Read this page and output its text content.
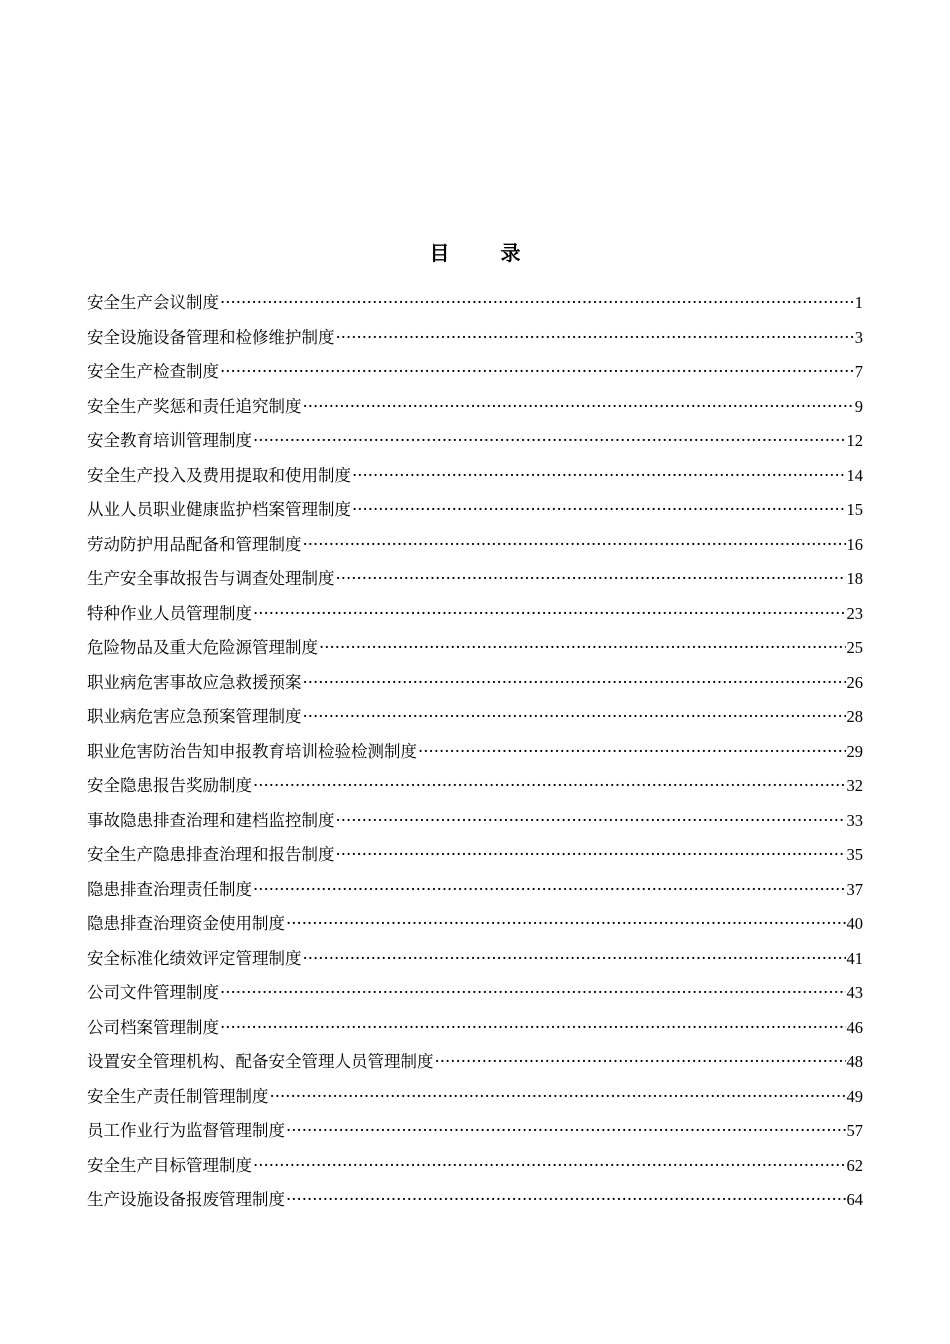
目 录
安全生产会议制度 ·····	1
安全设施设备管理和检修维护制度 ·····	3
安全生产检查制度 ·····	7
安全生产奖惩和责任追究制度 ·····	9
安全教育培训管理制度 ·····	12
安全生产投入及费用提取和使用制度 ·····	14
从业人员职业健康监护档案管理制度 ·····	15
劳动防护用品配备和管理制度 ·····	16
生产安全事故报告与调查处理制度 ·····	18
特种作业人员管理制度 ·····	23
危险物品及重大危险源管理制度 ·····	25
职业病危害事故应急救援预案 ·····	26
职业病危害应急预案管理制度 ·····	28
职业危害防治告知申报教育培训检验检测制度 ·····	29
安全隐患报告奖励制度 ·····	32
事故隐患排查治理和建档监控制度 ·····	33
安全生产隐患排查治理和报告制度 ·····	35
隐患排查治理责任制度 ·····	37
隐患排查治理资金使用制度 ·····	40
安全标准化绩效评定管理制度 ·····	41
公司文件管理制度 ·····	43
公司档案管理制度 ·····	46
设置安全管理机构、配备安全管理人员管理制度 ·····	48
安全生产责任制管理制度 ·····	49
员工作业行为监督管理制度 ·····	57
安全生产目标管理制度 ·····	62
生产设施设备报废管理制度 ·····	64
